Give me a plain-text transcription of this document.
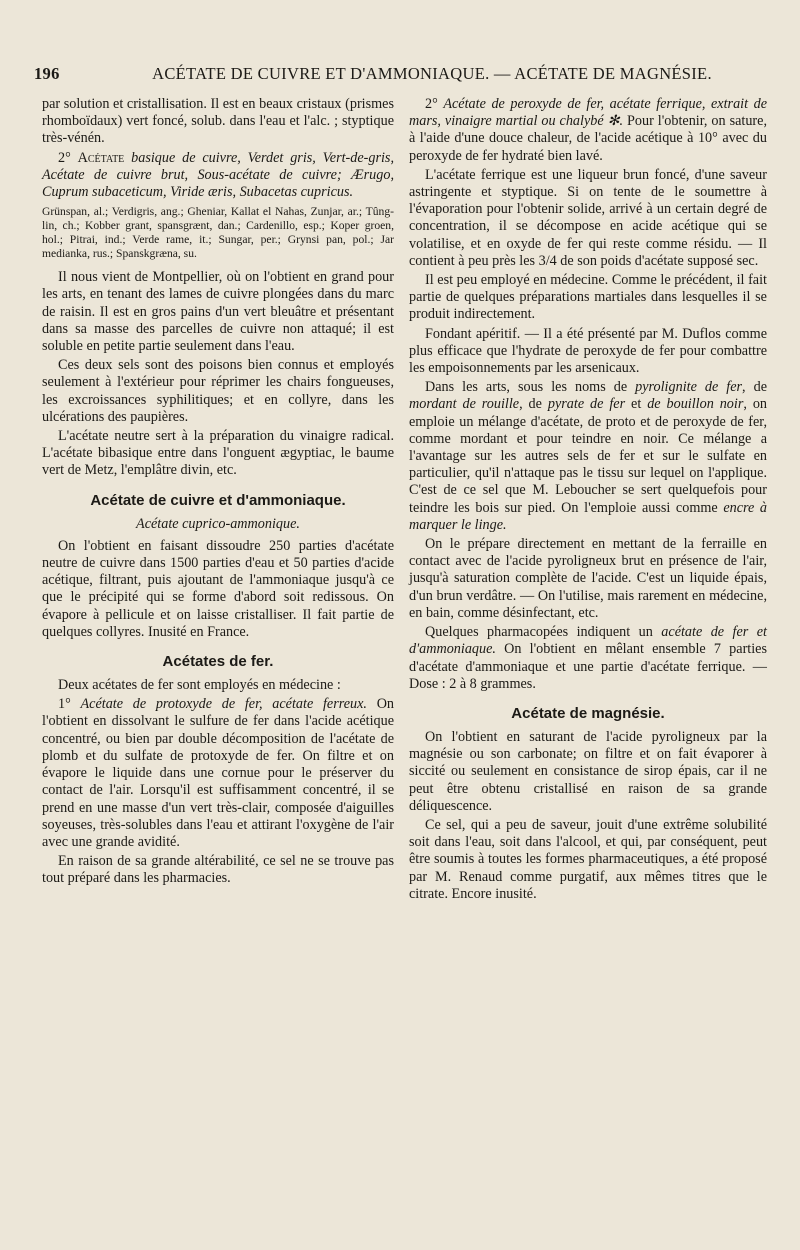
196	ACÉTATE DE CUIVRE ET D'AMMONIAQUE. — ACÉTATE DE MAGNÉSIE.

par solution et cristallisation. Il est en beaux cristaux (prismes rhomboïdaux) vert foncé, solub. dans l'eau et l'alc. ; styptique très-vénén.

2° Acétate basique de cuivre, Verdet gris, Vert-de-gris, Acétate de cuivre brut, Sous-acétate de cuivre; Ærugo, Cuprum subaceticum, Viride æris, Subacetas cupricus.

Grünspan, al.; Verdigris, ang.; Gheniar, Kallat el Nahas, Zunjar, ar.; Tûng-lin, ch.; Kobber grant, spansgrænt, dan.; Cardenillo, esp.; Koper groen, hol.; Pitrai, ind.; Verde rame, it.; Sungar, per.; Grynsi pan, pol.; Jar medianka, rus.; Spanskgræna, su.

Il nous vient de Montpellier, où on l'obtient en grand pour les arts, en tenant des lames de cuivre plongées dans du marc de raisin. Il est en gros pains d'un vert bleuâtre et présentant dans sa masse des parcelles de cuivre non attaqué; il est soluble en petite partie seulement dans l'eau.

Ces deux sels sont des poisons bien connus et employés seulement à l'extérieur pour réprimer les chairs fongueuses, les excroissances syphilitiques; et en collyre, dans les ulcérations des paupières.

L'acétate neutre sert à la préparation du vinaigre radical. L'acétate bibasique entre dans l'onguent ægyptiac, le baume vert de Metz, l'emplâtre divin, etc.

Acétate de cuivre et d'ammoniaque.

Acétate cuprico-ammonique.

On l'obtient en faisant dissoudre 250 parties d'acétate neutre de cuivre dans 1500 parties d'eau et 50 parties d'acide acétique, filtrant, puis ajoutant de l'ammoniaque jusqu'à ce que le précipité qui se forme d'abord soit redissous. On évapore à pellicule et on laisse cristalliser. Il fait partie de quelques collyres. Inusité en France.

Acétates de fer.

Deux acétates de fer sont employés en médecine :

1° Acétate de protoxyde de fer, acétate ferreux. On l'obtient en dissolvant le sulfure de fer dans l'acide acétique concentré, ou bien par double décomposition de l'acétate de plomb et du sulfate de protoxyde de fer. On filtre et on évapore le liquide dans une cornue pour le préserver du contact de l'air. Lorsqu'il est suffisamment concentré, il se prend en une masse d'un vert très-clair, composée d'aiguilles soyeuses, très-solubles dans l'eau et attirant l'oxygène de l'air avec une grande avidité.

En raison de sa grande altérabilité, ce sel ne se trouve pas tout préparé dans les pharmacies.

2° Acétate de peroxyde de fer, acétate ferrique, extrait de mars, vinaigre martial ou chalybé ✻. Pour l'obtenir, on sature, à l'aide d'une douce chaleur, de l'acide acétique à 10° avec du peroxyde de fer hydraté bien lavé.

L'acétate ferrique est une liqueur brun foncé, d'une saveur astringente et styptique. Si on tente de le soumettre à l'évaporation pour l'obtenir solide, arrivé à un certain degré de concentration, il se décompose en acide acétique qui se volatilise, et en oxyde de fer qui reste comme résidu. — Il contient à peu près les 3/4 de son poids d'acétate supposé sec.

Il est peu employé en médecine. Comme le précédent, il fait partie de quelques préparations martiales dans lesquelles il se produit indirectement.

Fondant apéritif. — Il a été présenté par M. Duflos comme plus efficace que l'hydrate de peroxyde de fer pour combattre les empoisonnements par les arsenicaux.

Dans les arts, sous les noms de pyrolignite de fer, de mordant de rouille, de pyrate de fer et de bouillon noir, on emploie un mélange d'acétate, de proto et de peroxyde de fer, comme mordant et pour teindre en noir. Ce mélange a l'avantage sur les autres sels de fer et sur le sulfate en particulier, qu'il n'attaque pas le tissu sur lequel on l'applique. C'est de ce sel que M. Leboucher se sert quelquefois pour teindre les bois sur pied. On l'emploie aussi comme encre à marquer le linge.

On le prépare directement en mettant de la ferraille en contact avec de l'acide pyroligneux brut en présence de l'air, jusqu'à saturation complète de l'acide. C'est un liquide épais, d'un brun verdâtre. — On l'utilise, mais rarement en médecine, en bain, comme désinfectant, etc.

Quelques pharmacopées indiquent un acétate de fer et d'ammoniaque. On l'obtient en mêlant ensemble 7 parties d'acétate d'ammoniaque et une partie d'acétate ferrique. — Dose : 2 à 8 grammes.

Acétate de magnésie.

On l'obtient en saturant de l'acide pyroligneux par la magnésie ou son carbonate; on filtre et on fait évaporer à siccité ou seulement en consistance de sirop épais, car il ne peut être obtenu cristallisé en raison de sa grande déliquescence.

Ce sel, qui a peu de saveur, jouit d'une extrême solubilité soit dans l'eau, soit dans l'alcool, et qui, par conséquent, peut être soumis à toutes les formes pharmaceutiques, a été proposé par M. Renaud comme purgatif, aux mêmes titres que le citrate. Encore inusité.
